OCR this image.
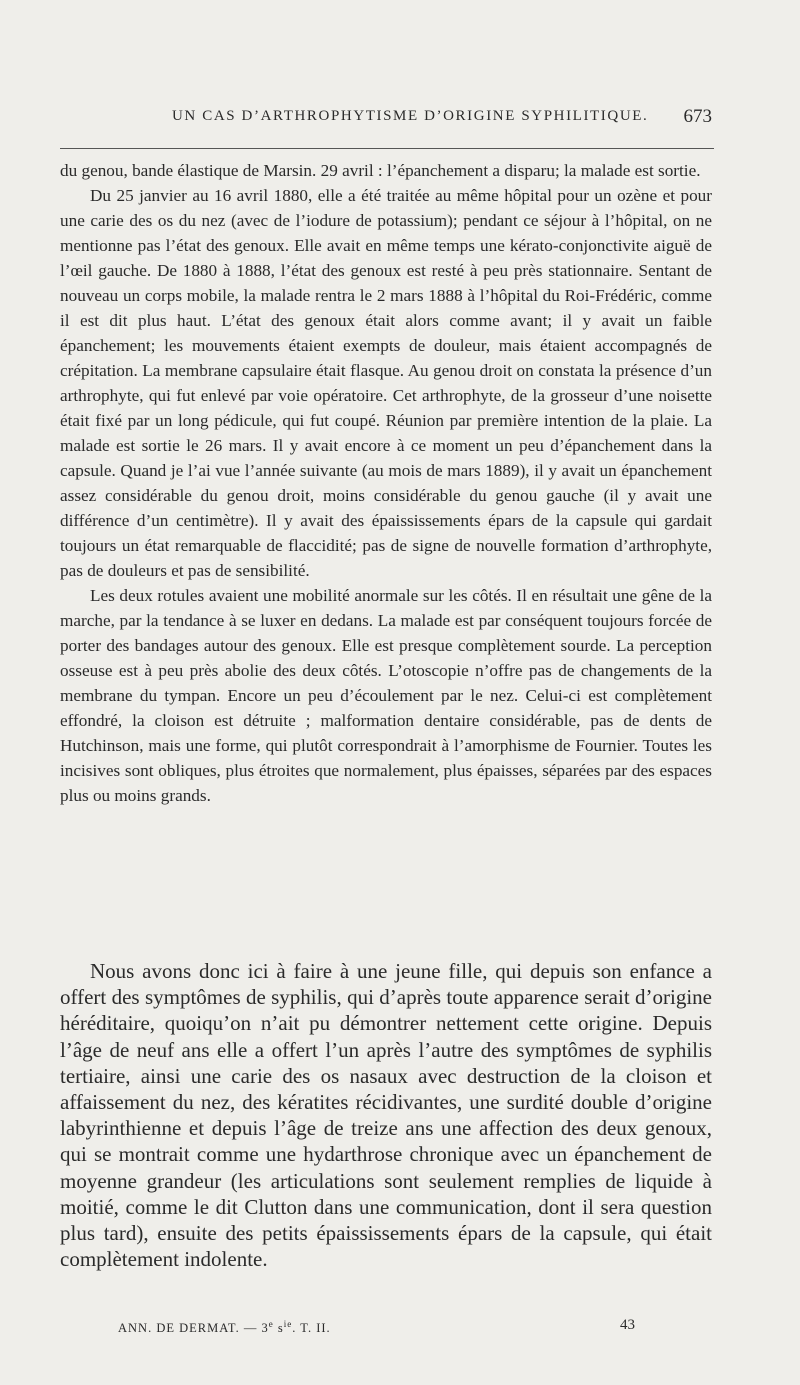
UN CAS D’ARTHROPHYTISME D’ORIGINE SYPHILITIQUE. 673

du genou, bande élastique de Marsin. 29 avril : l’épanchement a disparu; la malade est sortie.

Du 25 janvier au 16 avril 1880, elle a été traitée au même hôpital pour un ozène et pour une carie des os du nez (avec de l’iodure de potassium); pendant ce séjour à l’hôpital, on ne mentionne pas l’état des genoux. Elle avait en même temps une kérato-conjonctivite aiguë de l’œil gauche. De 1880 à 1888, l’état des genoux est resté à peu près stationnaire. Sentant de nouveau un corps mobile, la malade rentra le 2 mars 1888 à l’hôpital du Roi-Frédéric, comme il est dit plus haut. L’état des genoux était alors comme avant; il y avait un faible épanchement; les mouvements étaient exempts de douleur, mais étaient accompagnés de crépitation. La membrane capsulaire était flasque. Au genou droit on constata la présence d’un arthrophyte, qui fut enlevé par voie opératoire. Cet arthrophyte, de la grosseur d’une noisette était fixé par un long pédicule, qui fut coupé. Réunion par première intention de la plaie. La malade est sortie le 26 mars. Il y avait encore à ce moment un peu d’épanchement dans la capsule. Quand je l’ai vue l’année suivante (au mois de mars 1889), il y avait un épanchement assez considérable du genou droit, moins considérable du genou gauche (il y avait une différence d’un centimètre). Il y avait des épaississements épars de la capsule qui gardait toujours un état remarquable de flaccidité; pas de signe de nouvelle formation d’arthrophyte, pas de douleurs et pas de sensibilité.

Les deux rotules avaient une mobilité anormale sur les côtés. Il en résultait une gêne de la marche, par la tendance à se luxer en dedans. La malade est par conséquent toujours forcée de porter des bandages autour des genoux. Elle est presque complètement sourde. La perception osseuse est à peu près abolie des deux côtés. L’otoscopie n’offre pas de changements de la membrane du tympan. Encore un peu d’écoulement par le nez. Celui-ci est complètement effondré, la cloison est détruite ; malformation dentaire considérable, pas de dents de Hutchinson, mais une forme, qui plutôt correspondrait à l’amorphisme de Fournier. Toutes les incisives sont obliques, plus étroites que normalement, plus épaisses, séparées par des espaces plus ou moins grands.

Nous avons donc ici à faire à une jeune fille, qui depuis son enfance a offert des symptômes de syphilis, qui d’après toute apparence serait d’origine héréditaire, quoiqu’on n’ait pu démontrer nettement cette origine. Depuis l’âge de neuf ans elle a offert l’un après l’autre des symptômes de syphilis tertiaire, ainsi une carie des os nasaux avec destruction de la cloison et affaissement du nez, des kératites récidivantes, une surdité double d’origine labyrinthienne et depuis l’âge de treize ans une affection des deux genoux, qui se montrait comme une hydarthrose chronique avec un épanchement de moyenne grandeur (les articulations sont seulement remplies de liquide à moitié, comme le dit Clutton dans une communication, dont il sera question plus tard), ensuite des petits épaississements épars de la capsule, qui était complètement indolente.

ANN. DE DERMAT. — 3e $s^{ie}$. T. II.	43
